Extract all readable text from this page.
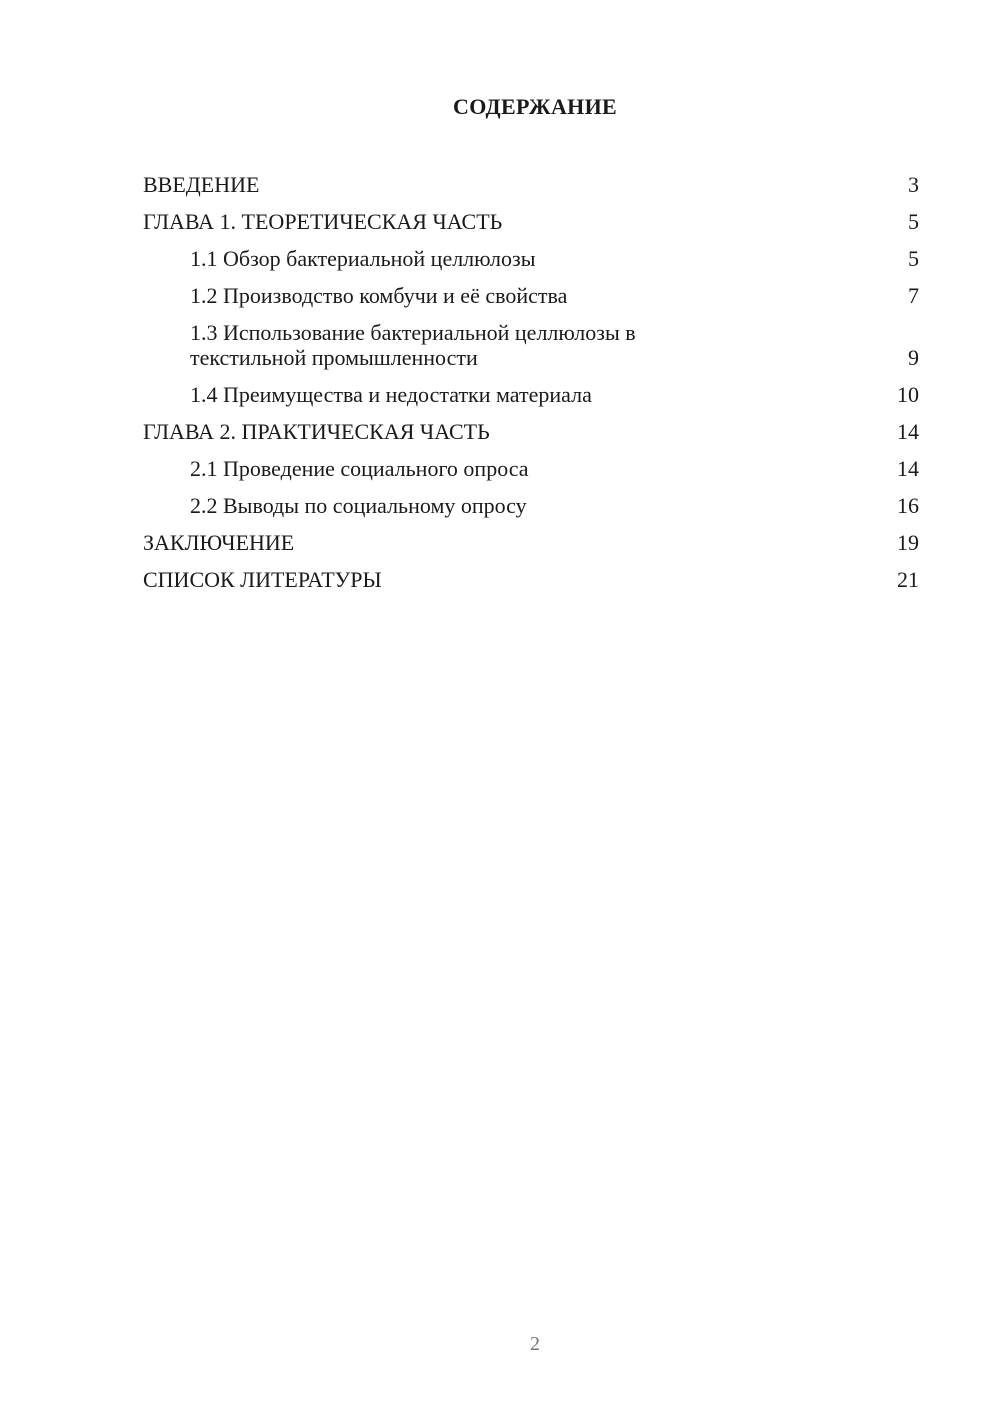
СОДЕРЖАНИЕ
ВВЕДЕНИЕ	3
ГЛАВА 1. ТЕОРЕТИЧЕСКАЯ ЧАСТЬ	5
1.1 Обзор бактериальной целлюлозы	5
1.2 Производство комбучи и её свойства	7
1.3 Использование бактериальной целлюлозы в
текстильной промышленности	9
1.4 Преимущества и недостатки материала	10
ГЛАВА 2. ПРАКТИЧЕСКАЯ ЧАСТЬ	14
2.1 Проведение социального опроса	14
2.2 Выводы по социальному опросу	16
ЗАКЛЮЧЕНИЕ	19
СПИСОК ЛИТЕРАТУРЫ	21
2
